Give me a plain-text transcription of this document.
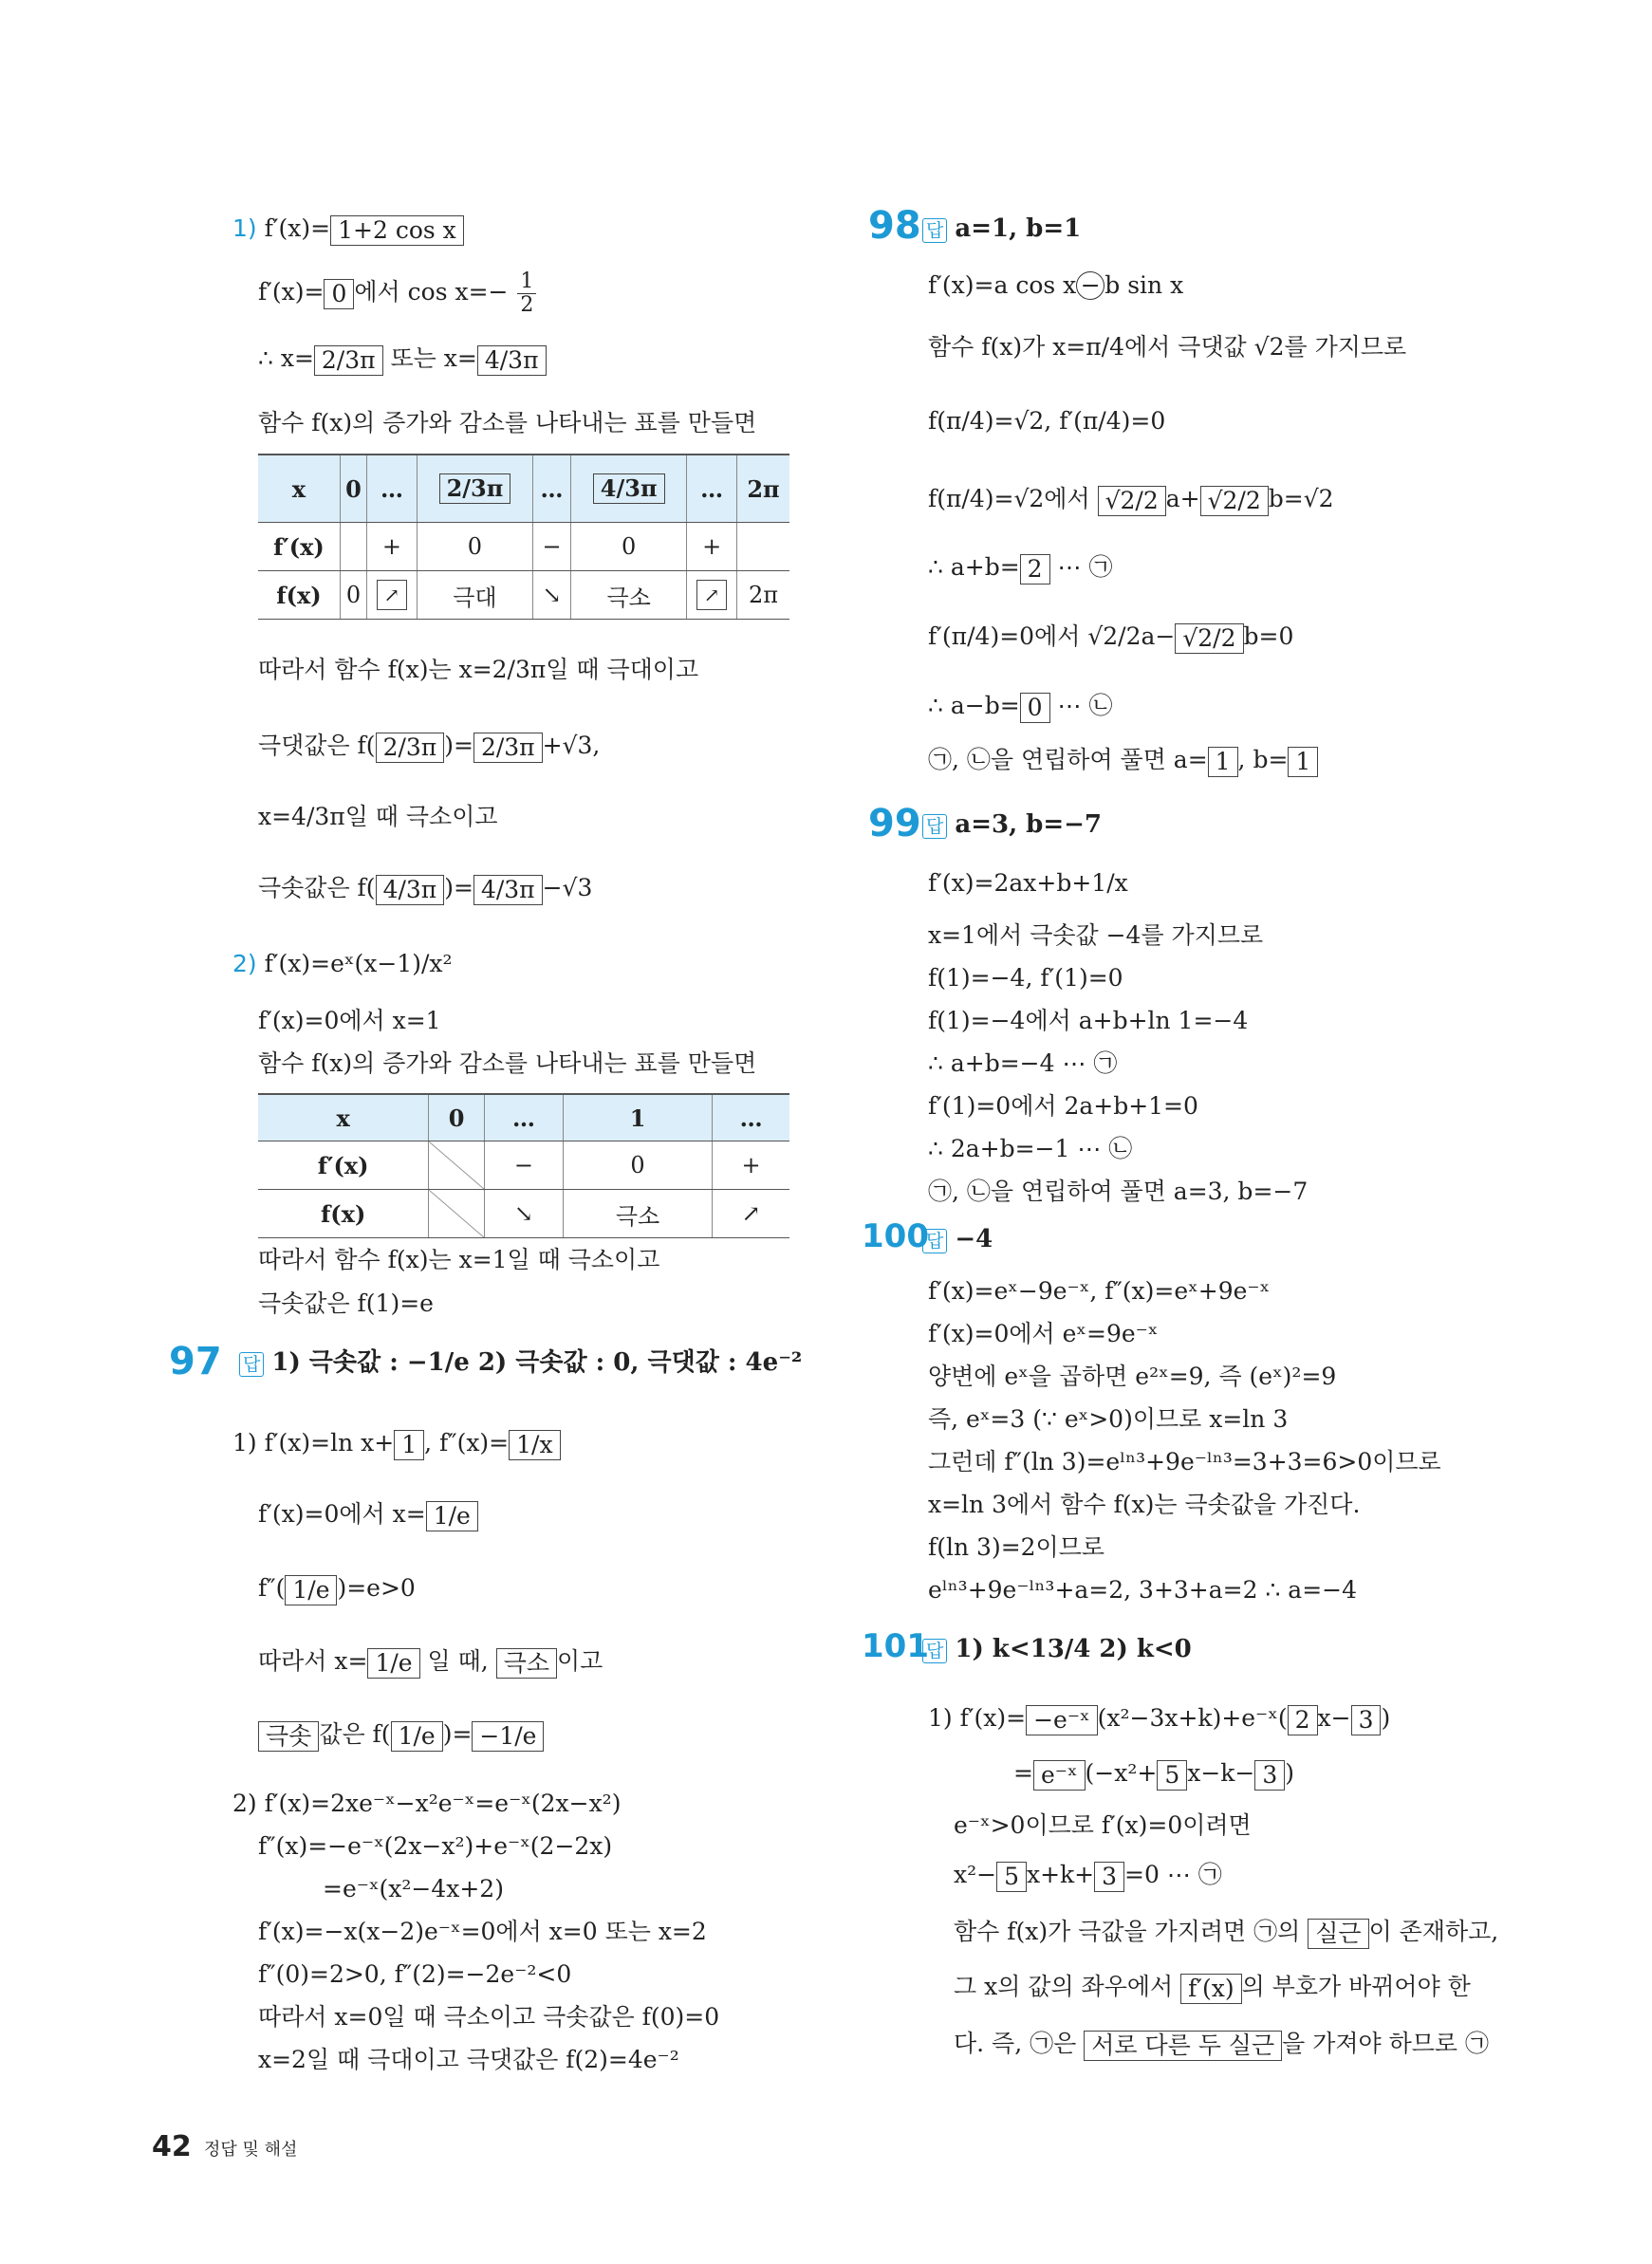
1) f′(x)= 1+2 cos x
f′(x)= 0 에서 $\cos x=- \frac{1}{2}$
∴ x= 2/3π 또는 x= 4/3π
함수 f(x)의 증가와 감소를 나타내는 표를 만들면
x	0	…	2/3π	…	4/3π	…	2π
f′(x)		+	0	−	0	+	
f(x)	0	↗	극대	↘	극소	↗	2π
따라서 함수 f(x)는 x=2/3π일 때 극대이고
극댓값은 f( 2/3π )= 2/3π +√3,
x=4/3π일 때 극소이고
극솟값은 f( 4/3π )= 4/3π −√3
2) f′(x)=eˣ(x−1)/x²
f′(x)=0에서 x=1
함수 f(x)의 증가와 감소를 나타내는 표를 만들면
x	0	…	1	…
f′(x)		−	0	+
f(x)		↘	극소	↗
따라서 함수 f(x)는 x=1일 때 극소이고
극솟값은 f(1)=e
97	답 1) 극솟값 : −1/e 2) 극솟값 : 0, 극댓값 : 4e⁻²
1) f′(x)=ln x+ 1 , f″(x)= 1/x
f′(x)=0에서 x= 1/e
f″( 1/e )=e>0
따라서 x= 1/e 일 때, 극소 이고
극솟 값은 f( 1/e )= −1/e
2) f′(x)=2xe⁻ˣ−x²e⁻ˣ=e⁻ˣ(2x−x²)
f″(x)=−e⁻ˣ(2x−x²)+e⁻ˣ(2−2x)
=e⁻ˣ(x²−4x+2)
f′(x)=−x(x−2)e⁻ˣ=0에서 x=0 또는 x=2
f″(0)=2>0, f″(2)=−2e⁻²<0
따라서 x=0일 때 극소이고 극솟값은 f(0)=0
x=2일 때 극대이고 극댓값은 f(2)=4e⁻²
98 답 a=1, b=1
f′(x)=a cos x − b sin x
함수 f(x)가 x=π/4에서 극댓값 √2를 가지므로
f(π/4)=√2, f′(π/4)=0
f(π/4)=√2에서 √2/2 a+ √2/2 b=√2
∴ a+b= 2 ⋯ ㉠
f′(π/4)=0에서 √2/2a− √2/2 b=0
∴ a−b= 0 ⋯ ㉡
㉠, ㉡을 연립하여 풀면 a= 1 , b= 1
99 답 a=3, b=−7
f′(x)=2ax+b+1/x
x=1에서 극솟값 −4를 가지므로
f(1)=−4, f′(1)=0
f(1)=−4에서 a+b+ln 1=−4
∴ a+b=−4 ⋯ ㉠
f′(1)=0에서 2a+b+1=0
∴ 2a+b=−1 ⋯ ㉡
㉠, ㉡을 연립하여 풀면 a=3, b=−7
100
답 −4
f′(x)=eˣ−9e⁻ˣ, f″(x)=eˣ+9e⁻ˣ
f′(x)=0에서 eˣ=9e⁻ˣ
양변에 eˣ을 곱하면 e²ˣ=9, 즉 (eˣ)²=9
즉, eˣ=3 (∵ eˣ>0)이므로 x=ln 3
그런데 f″(ln 3)=eˡⁿ³+9e⁻ˡⁿ³=3+3=6>0이므로
x=ln 3에서 함수 f(x)는 극솟값을 가진다.
f(ln 3)=2이므로
eˡⁿ³+9e⁻ˡⁿ³+a=2, 3+3+a=2 ∴ a=−4
101
답 1) k<13/4 2) k<0
1) f′(x)= −e⁻ˣ (x²−3x+k)+e⁻ˣ( 2 x− 3 )
= e⁻ˣ (−x²+ 5 x−k− 3 )
e⁻ˣ>0이므로 f′(x)=0이려면
x²− 5 x+k+ 3 =0 ⋯ ㉠
함수 f(x)가 극값을 가지려면 ㉠의 실근 이 존재하고,
그 x의 값의 좌우에서 f′(x) 의 부호가 바뀌어야 한
다. 즉, ㉠은 서로 다른 두 실근 을 가져야 하므로 ㉠
42 정답 및 해설
